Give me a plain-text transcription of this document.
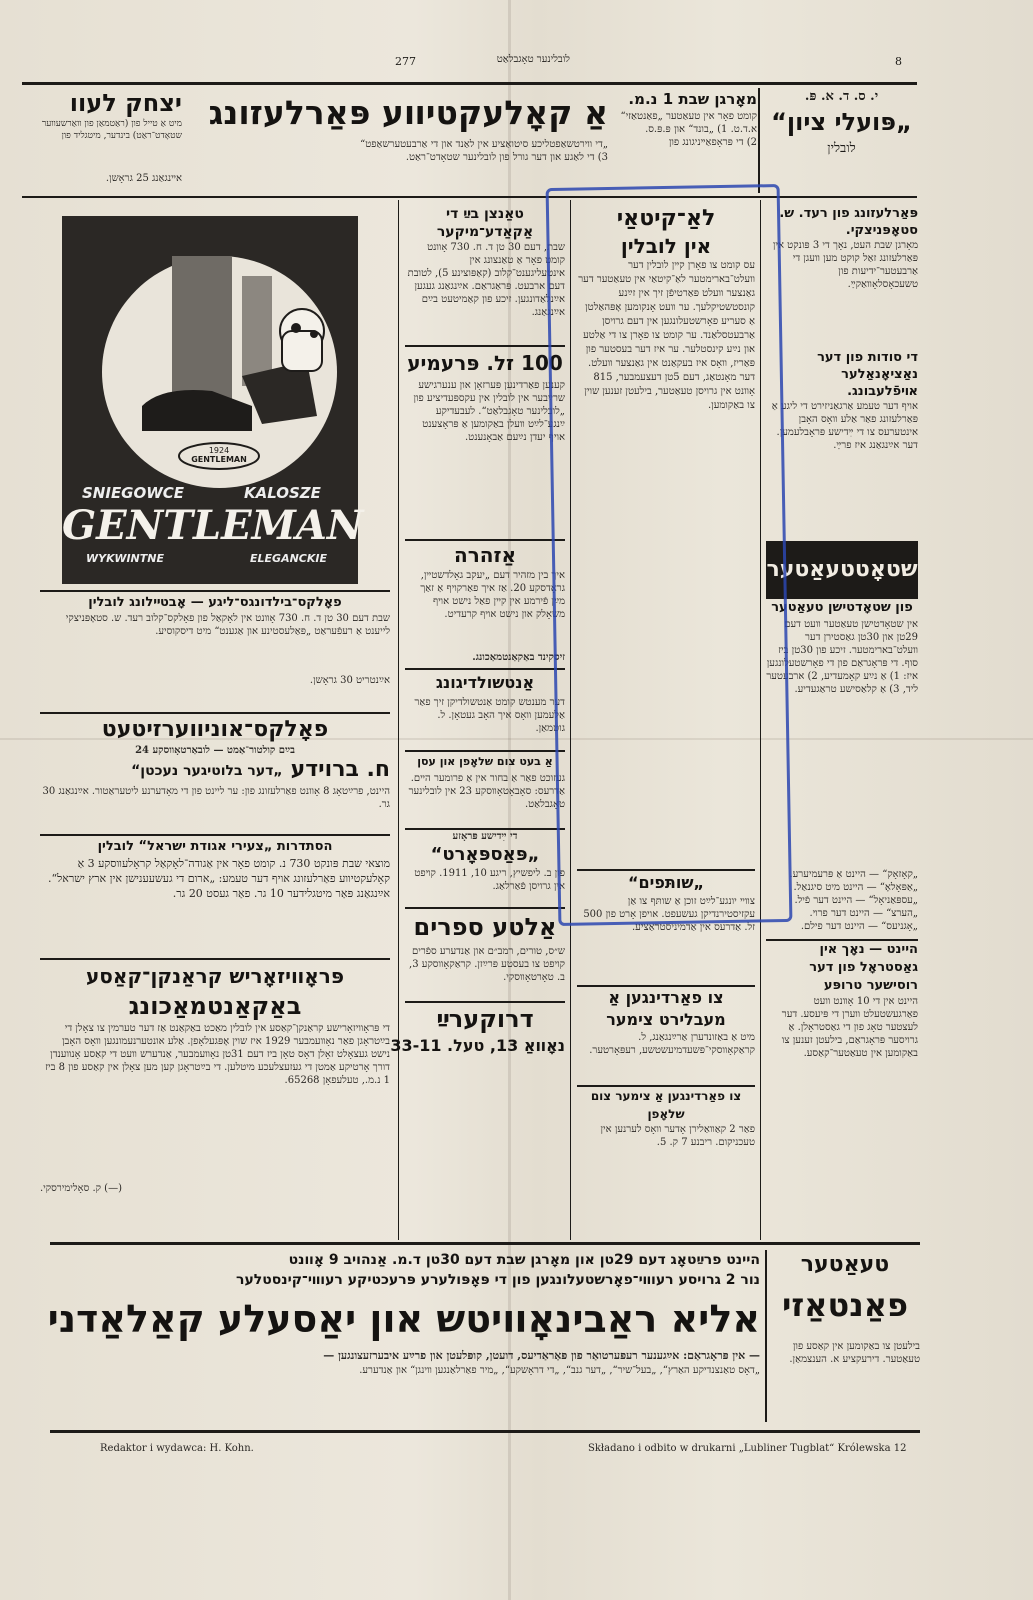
277	לובלינער טאָגבלאַט	8
יצחק לעוו
מיט אַ טייל פון (ראַטמאַן פון װאַרשעװער שטאָדט־ראַט) בינדער, מיטגליד פון
אײנגאַנג 25 גראָשן.
אַ קאָלעקטיװע פּאַרלעזונג
„די װירטשאַפטליכע סיטואַציע אין לאַנד און די אַרבעטערשאַפט“
3) די לאַגע און דער גורל פון לובלינער שטאָדט־ראַט.
מאָרגן שבת 1 נ.מ.
קומט פאָר אין טעאַטער „פאַנטאַזי“
א.ד.ט. 1) „בונד“ און פּ.פּ.ס.
2) די פּראָפאַײניגונג פון
י. ס. ד. א. פּ.
„פּועלי ציון“
לובלין
1924
GENTLEMAN
SNIEGOWCE	KALOSZE
GENTLEMAN
WYKWINTNE	ELEGANCKIE
פאָלקס־בילדונגס־ליגע — אָבטײלונג לובלין
שבת דעם 30 טן ד. ח. 730 אָװנט אין לאָקאַל פון פאָלקס־קלוב רעד. ש. סטאָפּניצקי לייענט אַ רעפֿעראַט „פּאַלעסטינע און אַגענט“ מיט דיסקוסיע.
אײַנטריט 30 גראָשן.
פאָלקס־אוניװערזיטעט
בײַם קולטור־אַמט — לובאַרטאָװסקע 24
ח. ברוידע
„דער בלוטיגער נעכטן“
היינט, פרײַטאָג 8 אָװנט פאַרלעזונג פון: ער ליינט פון די מאָדערנע ליטעראַטור. אײַנגאַנג 30 גר.
הסתדרות „צעירי אגודת ישראל“ לובלין
מוצאי שבת פּונקט 730 נ. קומט פאָר אין אַגודה־לאָקאַל קראָלעװסקע 3 אַ קאָלעקטיװע פאַרלעזונג אויף דער טעמע: „ארום די געשעענישן אין ארץ ישראל“. אײַנגאַנג פּאַר מיטגלידער 10 גר. פאַר געסט 20 גר.
פּראָװיזאָריש קראַנקן־קאַסע
באַקאַנטמאַכונג
די פּראָװיזאָרישע קראַנקן־קאַסע אין לובלין מאַכט באַקאַנט אַז דער טערמין צו צאָלן די בײַטראָגן פאַר נאָװעמבער 1929 איז שוין אָפּגעלאָפן. אַלע אונטערנעמונגען װאָס האָבן נישט געצאָלט זאָלן דאָס טאָן ביז דעם 31טן נאָװעמבער, אַנדערש װעט די קאַסע אָנװענדן דורך אָרטיקע אַמטן די געזעצלעכע מיטלען. די בײַטראָגן קען מען צאָלן אין קאַסע פון 8 ביז 1 נ.מ., טעלעפאָן 65268.
(—) ק. סאָלימירסקי.
טאַנצן בײַ די אַקאַדע־מיקער
שבת, דעם 30 טן ד. ח. 730 אָװנט קומט פאָר אַ טאַנצונג אין אינטעליגענט־קלוב (קאַפּוצינע 5), לטובת דעם ארבעט. פּראַגראַם. אײַנגאַנג געגען אײַנלאַדונגען. זיכע פון קאַמיטעט בײַם אײַנגאַנג.
100 זל. פּרעמיע
קענען פאַרדינען פּערזאָן און ענערגישע שרײַבער אין לובלין אין עקספּעדיציע פון „לובלינער טאָגבלאַט“. לעבעדיקע ײַנגע־לײַט װעלן באַקומען אַ פּראָצענט אויף יעדן נײַעם אַבאָנענט.
אַזהרה
איך בין מזהיר דעם „יעקב גאָלדשטײן, גראָדסקע 20. אַז איך פאַרקויף אַ זאַך מײַן פֿירמע אין קײן פאַל נישט אױף משאָלק און נישט אױף קרעדיט.
זיסקינד באַקאַנטמאַכונג.
אַנטשולדיגונג
דער מענטש קומט אַנטשולדיקן זיך פאַר אַלעמען װאָס איך האָב געטאָן. ל. גוטמאַן.
אַ בעט צום שלאָפן און עסן
געזוכט פאַר אַ בחור אין אַ פרומער הײם. אַדרעס: סאָבאָטאָװסקע 23 אין לובלינער טאָגבלאַט.
די ײִדישע פּראָזע
„פּאַספּאָרט“
פון ב. ליפשיץ, ריגע 10, 1911. קױפט אין גרויסן פֿאַרלאַג.
אַלטע ספרים
ש״ס, טורים, רמב״ם און אַנדערע ספֿרים קויפט צו בעסטע פּרײַזן. קראַקאָװסקע 3, ב. טאָרטאָװסקי.
דרוקערײַ
נאָװאַ 13, טעל. 33-11
לאַ־קיטאַי
אין לובלין
עס קומט צו פאָרן קײן לובלין דער װעלט־בארימטער לאַ־קיטאַי אין טעאַטער דער גאַנצער װעלט פּאַרטיפֿן זיך אין זײַנע קונסטשטיקלעך. ער װעט אָנקומען אָפּהאַלטן אַ סעריע פאָרשטעלונגען אין דעם גרויסן אַרבעטסלאַנד. ער קומט צו פאָרן צו די אַלטע און נײַע קינסטלער. ער איז דער בעסטער פון פּאַריז, װאָס איז בעקאַנט אין גאַנצער װעלט. דער מאָנטאַג, דעם 5טן דעצעמבער, 815 אָװנט אין גרויסן טעאַטער, בילעטן זענען שוין צו באַקומען.
„שותּפים“
צװײ יונגע־לײַט זוכן אַ שותּף צו אַן עקזיסטירנדיקן געשעפט. אויפן אָרט פון 500 זל. אַדרעס אין אַדמיניסטראַציע.
צו פאַרדינגען אַ מעבלירט צימער
מיט אַ באַזונדערן אַרײַנגאַנג, ל. קראַקאָװסקי־פּשעדמיעשטשע, רעפּאָרטער.
צו פאַרדינגען אַ צימער צום שלאָפן
פאַר 2 קאַװאַלירן אָדער װאָס לערנען אין טעכניקום. ריבנע 7 ק. 5.
פּאַרלעזונג פון רעד. ש. סטאָפּניצקי.
מאָרגן שבת העט, נאָך די 3 פּונקט אין פּאַרלעזונג זאַל קוקט מען וועגן די אַרבעטער־ידיעות פון טשעכאָסלאָװאַקײַ.
די סודות פון דער נאַציאָנאַלער אױפֿלעבונג.
אויף דער טעמע אַרגאַניזירט די ליגע אַ פּאַרלעזונג פאַר אַלע װאָס האָבן אינטערעס צו די ײִדישע פּראָבלעמען. דער אײַנגאַנג איז פרײַ.
שטאָטטעאַטער
פון שטאָדטישן טעאַטער
אין שטאָדטישן טעאַטער װעט דעם 29טן און 30טן גאַסטירן דער װעלט־בארימטער. זיכע פון 30טן ביז סוף. די פּראָגראַם פון די פאָרשטעלונגען איז: 1) אַ נײַע קאָמעדיע, 2) ארבעטער ליד, 3) אַ קלאַסישע טראַגעדיע.
„קאָזאָק“ — היינט אַ פּרעמיערע.
„אַפּאָלאָ“ — היינט מיט סיגנאַל.
„עספּאַניאָל“ — היינט דער פֿיל.
„הערצ“ — היינט דער פרױ.
„אָגניעס“ — היינט דער פילם.
היינט — נאָך אין גאַסטראָל פון דער רוסישער טרופּע
היינט אין די 10 אָװנט װעט פאַרגעשטעלט װערן די פּיעסע. דער לעצטער טאָג פון די גאַסטראָלן. אַ גרויסער פּראָגראַם, בילעטן זענען צו באַקומען אין טעאַטער־קאַסע.
טעאַטער
פאַנטאַזי
בילעטן צו באַקומען אין קאַסע פון טעאַטער. דירעקציע א. הענצמאַן.
היינט פרײַטאָג דעם 29טן און מאָרגן שבת דעם 30טן ד.מ. אַנהויב 9 אָװנט
נור 2 גרויסע רעװױ־פאָרשטעלונגען פון די פּאָפּולערע פּרעכטיקע רעװױ־קינסטלער
אליא ראַבינאָװיטש און יאַסעלע קאַלאַדני
— אין פּראָגראַם: אײַגענער רעפּערטואַר פון פּאַראַדיעס, דועטן, קופּלעטן און פרײַע איבערזעצונגען —
„דאָס טאַנצנדיקע האַרץ“, „בעל־שיר“, „דער גנב“, „די דראָשקע“, „מיר פאַרלאַנגען װינגן“ און אַנדערע.
Redaktor i wydawca: H. Kohn.	Składano i odbito w drukarni „Lubliner Tugblat“ Królewska 12
